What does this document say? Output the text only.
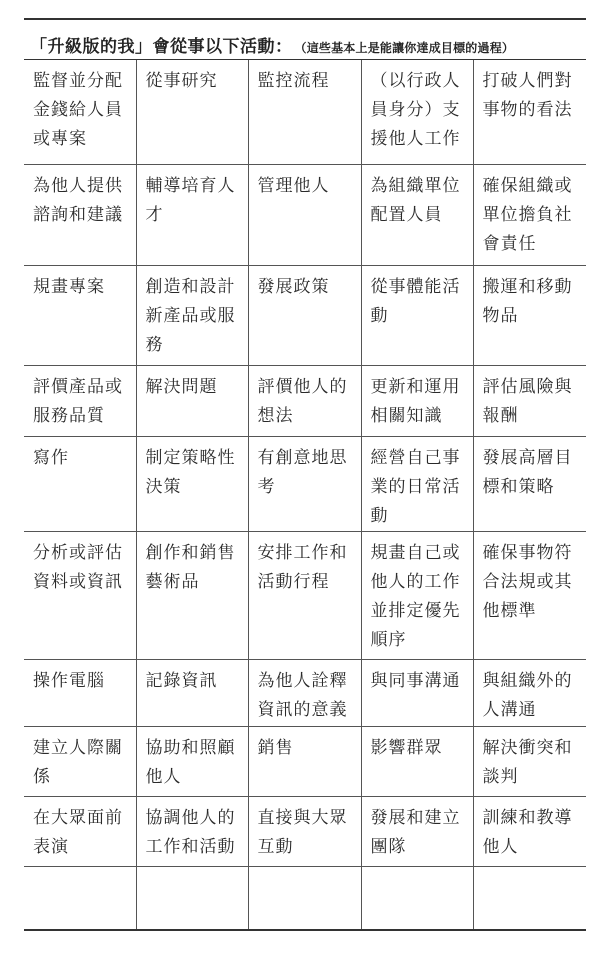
「升級版的我」會從事以下活動： （這些基本上是能讓你達成目標的過程）
監督並分配金錢給人員或專案	從事研究	監控流程	（以行政人員身分）支援他人工作	打破人們對事物的看法
為他人提供諮詢和建議	輔導培育人才	管理他人	為組織單位配置人員	確保組織或單位擔負社會責任
規畫專案	創造和設計新產品或服務	發展政策	從事體能活動	搬運和移動物品
評價產品或服務品質	解決問題	評價他人的想法	更新和運用相關知識	評估風險與報酬
寫作	制定策略性決策	有創意地思考	經營自己事業的日常活動	發展高層目標和策略
分析或評估資料或資訊	創作和銷售藝術品	安排工作和活動行程	規畫自己或他人的工作並排定優先順序	確保事物符合法規或其他標準
操作電腦	記錄資訊	為他人詮釋資訊的意義	與同事溝通	與組織外的人溝通
建立人際關係	協助和照顧他人	銷售	影響群眾	解決衝突和談判
在大眾面前表演	協調他人的工作和活動	直接與大眾互動	發展和建立團隊	訓練和教導他人
